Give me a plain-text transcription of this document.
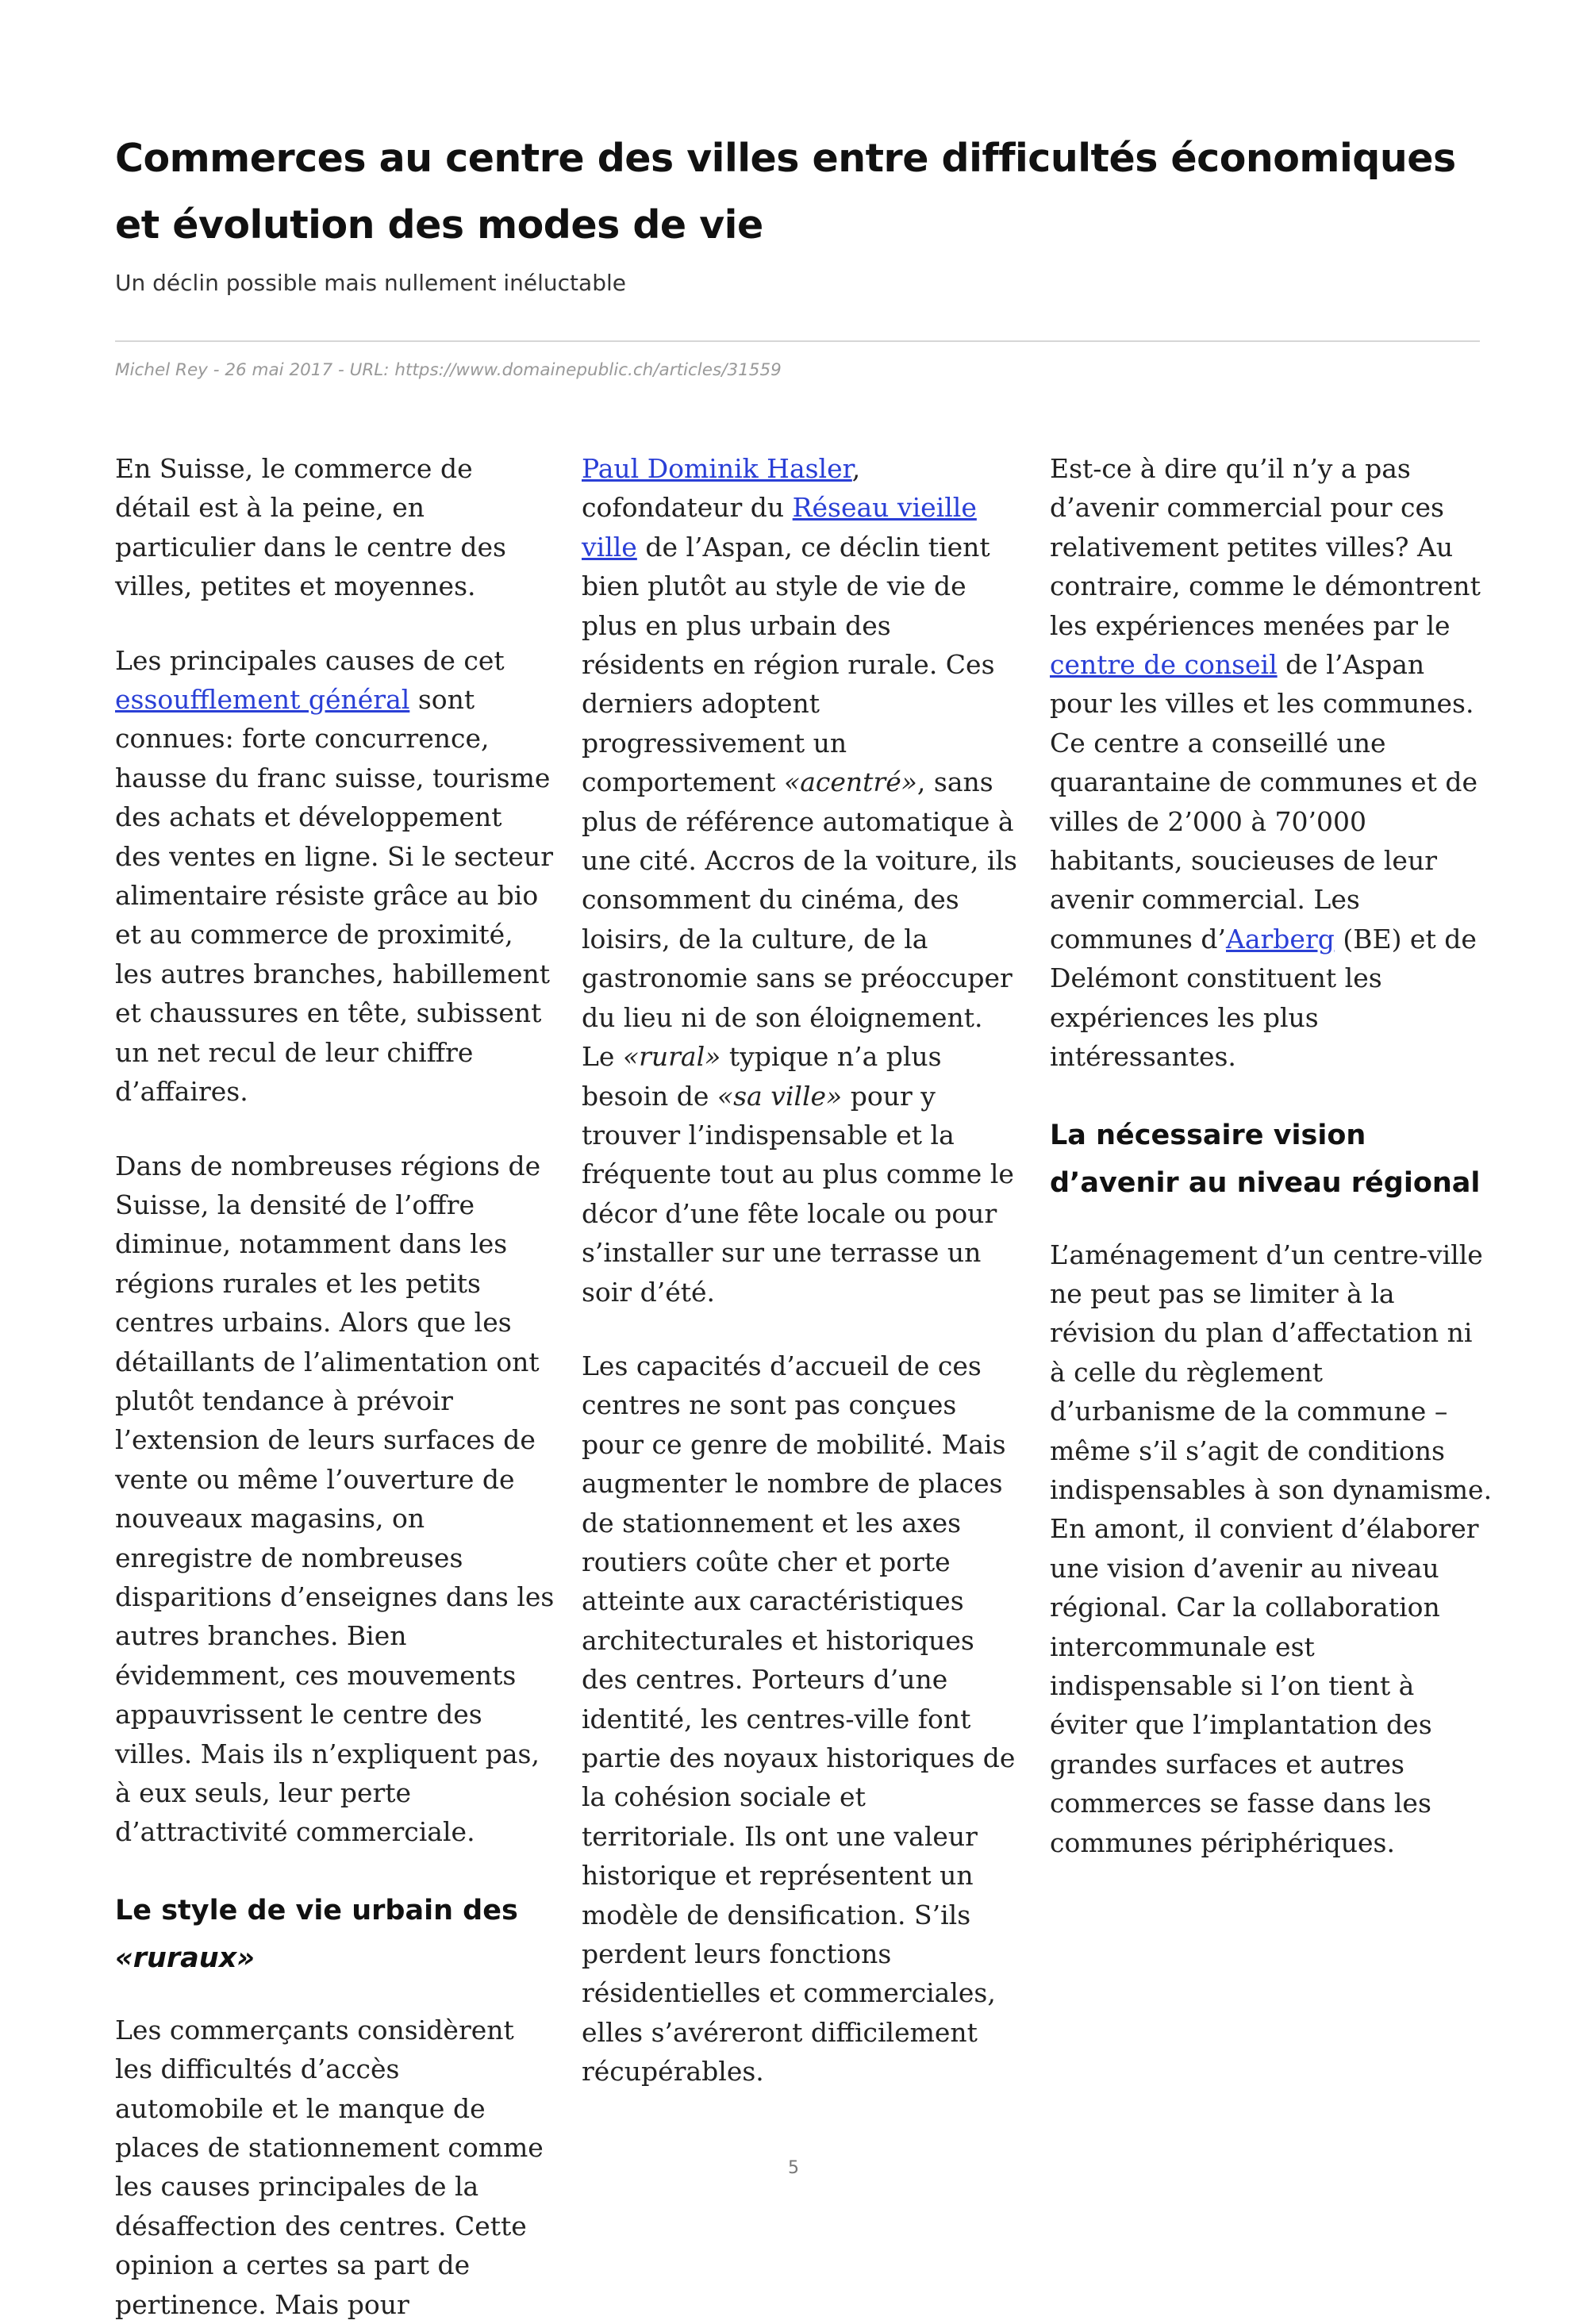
Commerces au centre des villes entre difficultés économiques et évolution des modes de vie

Un déclin possible mais nullement inéluctable

Michel Rey - 26 mai 2017 - URL: https://www.domainepublic.ch/articles/31559

En Suisse, le commerce de détail est à la peine, en particulier dans le centre des villes, petites et moyennes.

Les principales causes de cet essoufflement général sont connues: forte concurrence, hausse du franc suisse, tourisme des achats et développement des ventes en ligne. Si le secteur alimentaire résiste grâce au bio et au commerce de proximité, les autres branches, habillement et chaussures en tête, subissent un net recul de leur chiffre d’affaires.

Dans de nombreuses régions de Suisse, la densité de l’offre diminue, notamment dans les régions rurales et les petits centres urbains. Alors que les détaillants de l’alimentation ont plutôt tendance à prévoir l’extension de leurs surfaces de vente ou même l’ouverture de nouveaux magasins, on enregistre de nombreuses disparitions d’enseignes dans les autres branches. Bien évidemment, ces mouvements appauvrissent le centre des villes. Mais ils n’expliquent pas, à eux seuls, leur perte d’attractivité commerciale.

Le style de vie urbain des «ruraux»

Les commerçants considèrent les difficultés d’accès automobile et le manque de places de stationnement comme les causes principales de la désaffection des centres. Cette opinion a certes sa part de pertinence. Mais pour

Paul Dominik Hasler, cofondateur du Réseau vieille ville de l’Aspan, ce déclin tient bien plutôt au style de vie de plus en plus urbain des résidents en région rurale. Ces derniers adoptent progressivement un comportement «acentré», sans plus de référence automatique à une cité. Accros de la voiture, ils consomment du cinéma, des loisirs, de la culture, de la gastronomie sans se préoccuper du lieu ni de son éloignement. Le «rural» typique n’a plus besoin de «sa ville» pour y trouver l’indispensable et la fréquente tout au plus comme le décor d’une fête locale ou pour s’installer sur une terrasse un soir d’été.

Les capacités d’accueil de ces centres ne sont pas conçues pour ce genre de mobilité. Mais augmenter le nombre de places de stationnement et les axes routiers coûte cher et porte atteinte aux caractéristiques architecturales et historiques des centres. Porteurs d’une identité, les centres-ville font partie des noyaux historiques de la cohésion sociale et territoriale. Ils ont une valeur historique et représentent un modèle de densification. S’ils perdent leurs fonctions résidentielles et commerciales, elles s’avéreront difficilement récupérables.

Est-ce à dire qu’il n’y a pas d’avenir commercial pour ces relativement petites villes? Au contraire, comme le démontrent les expériences menées par le centre de conseil de l’Aspan pour les villes et les communes. Ce centre a conseillé une quarantaine de communes et de villes de 2’000 à 70’000 habitants, soucieuses de leur avenir commercial. Les communes d’Aarberg (BE) et de Delémont constituent les expériences les plus intéressantes.

La nécessaire vision d’avenir au niveau régional

L’aménagement d’un centre-ville ne peut pas se limiter à la révision du plan d’affectation ni à celle du règlement d’urbanisme de la commune – même s’il s’agit de conditions indispensables à son dynamisme. En amont, il convient d’élaborer une vision d’avenir au niveau régional. Car la collaboration intercommunale est indispensable si l’on tient à éviter que l’implantation des grandes surfaces et autres commerces se fasse dans les communes périphériques.

5
